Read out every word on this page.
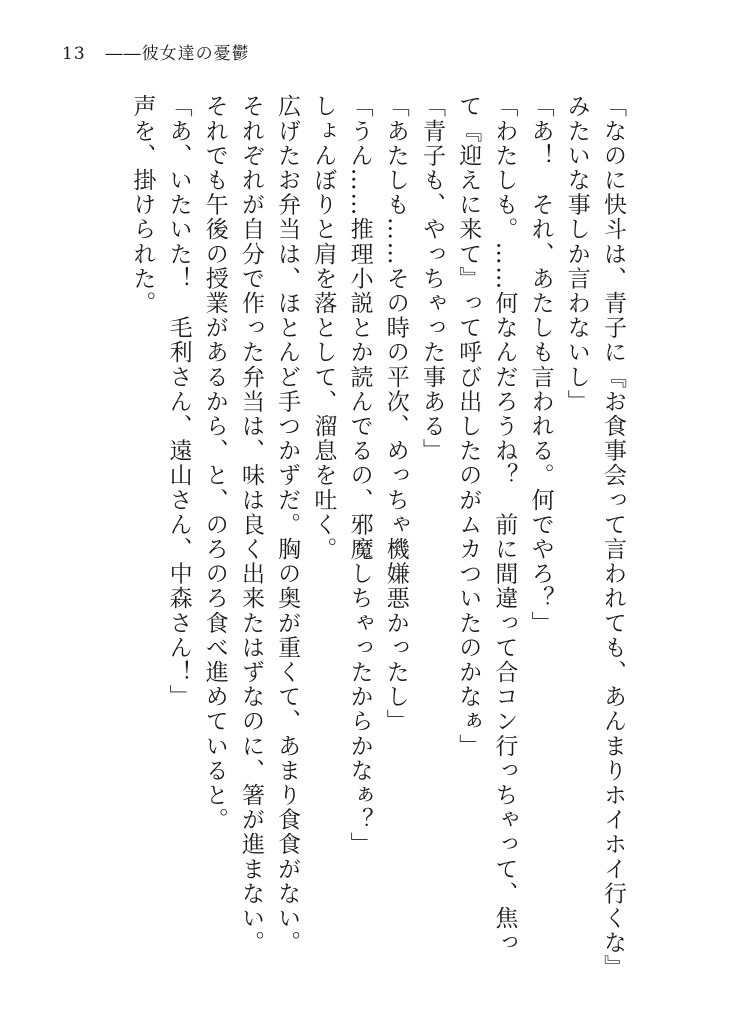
13 ――彼女達の憂鬱

「なのに快斗は、青子に『お食事会って言われても、あんまりホイホイ行くな』みたいな事しか言わないし」

「あ！　それ、あたしも言われる。何でやろ？」

「わたしも。……何なんだろうね？　前に間違って合コン行っちゃって、焦って『迎えに来て』って呼び出したのがムカついたのかなぁ」

「青子も、やっちゃった事ある」

「あたしも……その時の平次、めっちゃ機嫌悪かったし」

「うん……推理小説とか読んでるの、邪魔しちゃったからかなぁ？」

しょんぼりと肩を落として、溜息を吐く。

広げたお弁当は、ほとんど手つかずだ。胸の奥が重くて、あまり食食がない。それぞれが自分で作った弁当は、味は良く出来たはずなのに、箸が進まない。

それでも午後の授業があるから、と、のろのろ食べ進めていると。

「あ、いたいた！　毛利さん、遠山さん、中森さん！」

声を、掛けられた。
